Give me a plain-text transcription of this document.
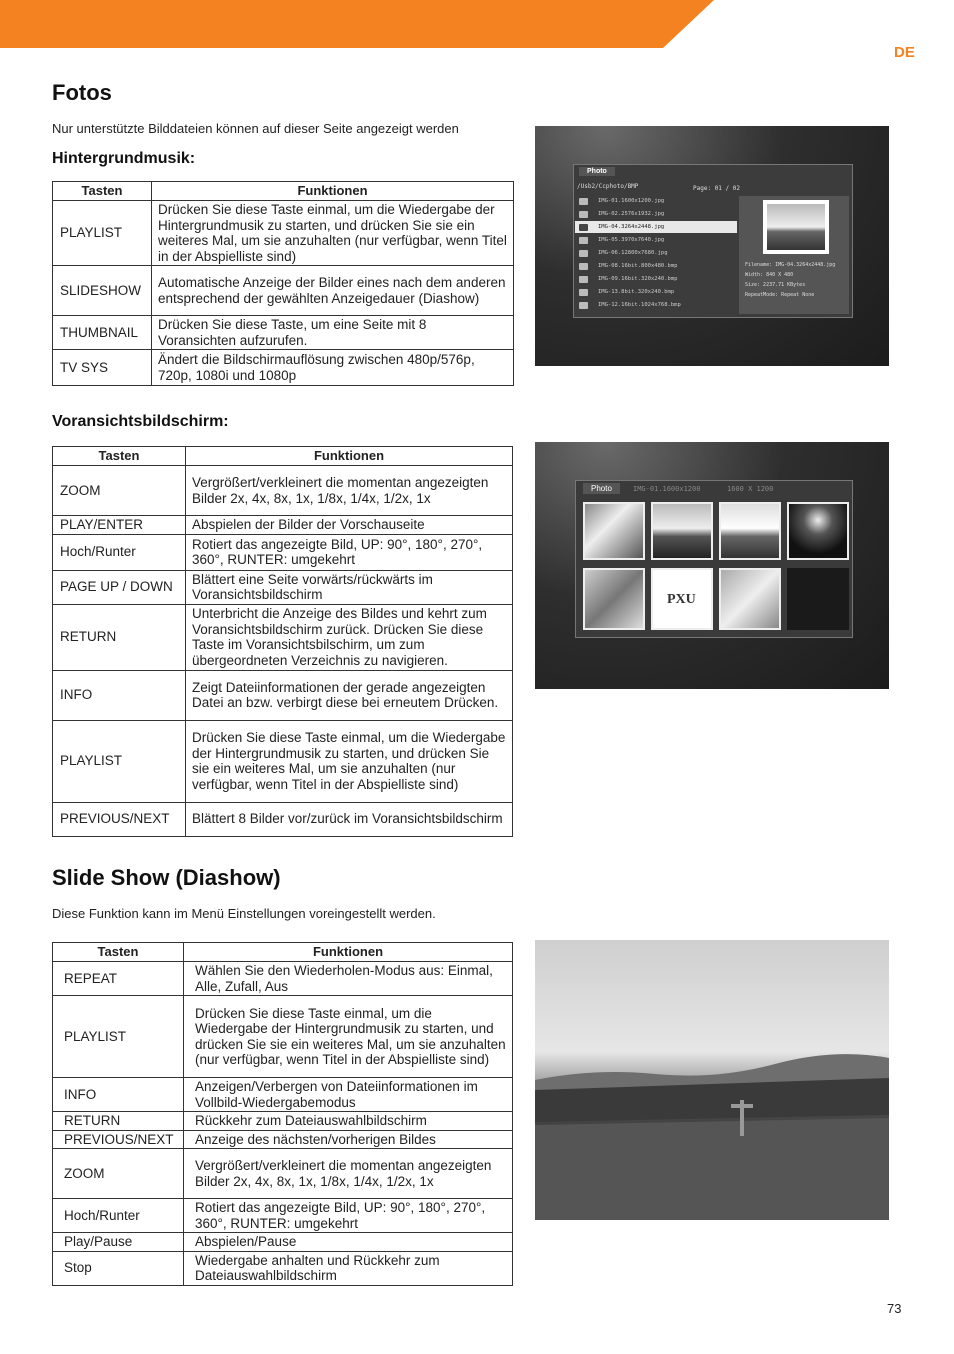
DE
Fotos
Nur unterstützte Bilddateien können auf dieser Seite angezeigt werden
Hintergrundmusik:
Tasten	Funktionen
PLAYLIST	Drücken Sie diese Taste einmal, um die Wiedergabe der Hintergrundmusik zu starten, und drücken Sie sie ein weiteres Mal, um sie anzuhalten (nur verfügbar, wenn Titel in der Abspielliste sind)
SLIDESHOW	Automatische Anzeige der Bilder eines nach dem anderen entsprechend der gewählten Anzeigedauer (Diashow)
THUMBNAIL	Drücken Sie diese Taste, um eine Seite mit 8 Voransichten aufzurufen.
TV SYS	Ändert die Bildschirmauflösung zwischen 480p/576p, 720p, 1080i und 1080p
Voransichtsbildschirm:
Tasten	Funktionen
ZOOM	Vergrößert/verkleinert die momentan angezeigten Bilder 2x, 4x, 8x, 1x, 1/8x, 1/4x, 1/2x, 1x
PLAY/ENTER	Abspielen der Bilder der Vorschauseite
Hoch/Runter	Rotiert das angezeigte Bild, UP: 90°, 180°, 270°, 360°, RUNTER: umgekehrt
PAGE UP / DOWN	Blättert eine Seite vorwärts/rückwärts im Voransichtsbildschirm
RETURN	Unterbricht die Anzeige des Bildes und kehrt zum Voransichtsbildschirm zurück. Drücken Sie diese Taste im Voransichtsbilschirm, um zum übergeordneten Verzeichnis zu navigieren.
INFO	Zeigt Dateiinformationen der gerade angezeigten Datei an bzw. verbirgt diese bei erneutem Drücken.
PLAYLIST	Drücken Sie diese Taste einmal, um die Wiedergabe der Hintergrundmusik zu starten, und drücken Sie sie ein weiteres Mal, um sie anzuhalten (nur verfügbar, wenn Titel in der Abspielliste sind)
PREVIOUS/NEXT	Blättert 8 Bilder vor/zurück im Voransichtsbildschirm
Slide Show (Diashow)
Diese Funktion kann im Menü Einstellungen voreingestellt werden.
Tasten	Funktionen
REPEAT	Wählen Sie den Wiederholen-Modus aus: Einmal, Alle, Zufall, Aus
PLAYLIST	Drücken Sie diese Taste einmal, um die Wiedergabe der Hintergrundmusik zu starten, und drücken Sie sie ein weiteres Mal, um sie anzuhalten (nur verfügbar, wenn Titel in der Abspielliste sind)
INFO	Anzeigen/Verbergen von Dateiinformationen im Vollbild-Wiedergabemodus
RETURN	Rückkehr zum Dateiauswahlbildschirm
PREVIOUS/NEXT	Anzeige des nächsten/vorherigen Bildes
ZOOM	Vergrößert/verkleinert die momentan angezeigten Bilder 2x, 4x, 8x, 1x, 1/8x, 1/4x, 1/2x, 1x
Hoch/Runter	Rotiert das angezeigte Bild, UP: 90°, 180°, 270°, 360°, RUNTER: umgekehrt
Play/Pause	Abspielen/Pause
Stop	Wiedergabe anhalten und Rückkehr zum Dateiauswahlbildschirm
Photo
/Usb2/Ccphoto/BMP	Page: 01 / 02
IMG-01.1600x1200.jpg
IMG-02.2576x1932.jpg
IMG-04.3264x2448.jpg
IMG-05.3970x7640.jpg
IMG-06.12800x7680.jpg
IMG-08.16bit.800x480.bmp
IMG-09.16bit.320x240.bmp
IMG-13.8bit.320x240.bmp
IMG-12.16bit.1024x768.bmp
Filename: IMG-04.3264x2448.jpg
Width: 840 X 480
Size: 2237.71 KBytes
RepeatMode: Repeat None
Photo	IMG-01.1600x1200	1600 X 1200
PXU
73
